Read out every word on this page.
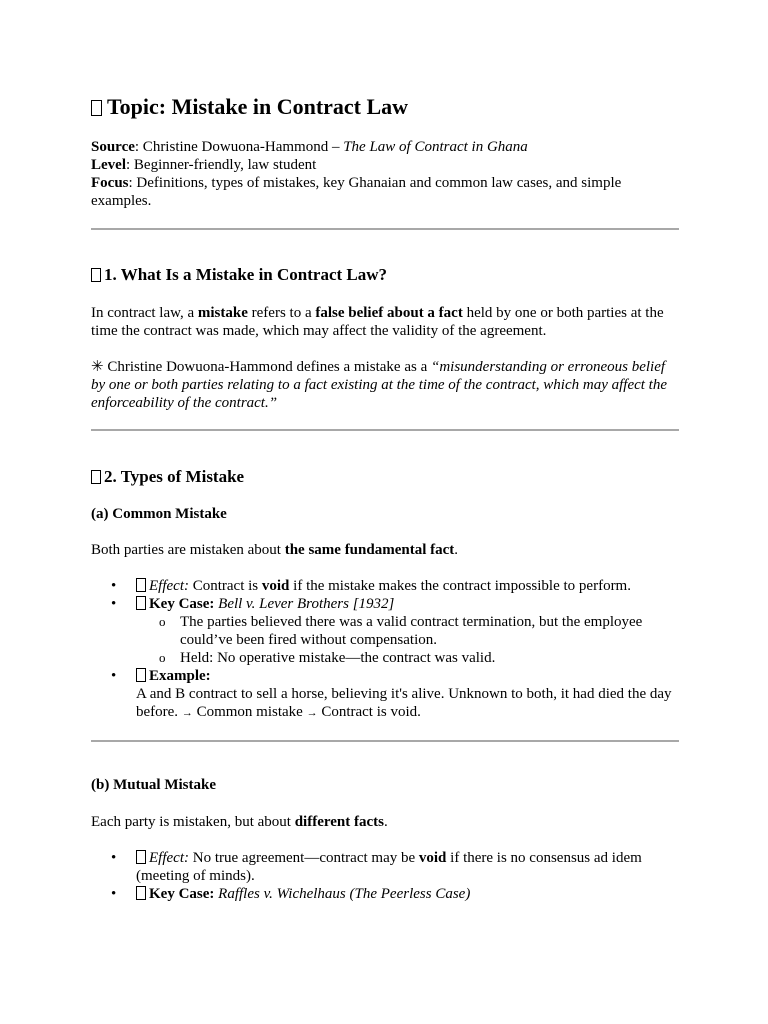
Topic: Mistake in Contract Law
Source: Christine Dowuona-Hammond – The Law of Contract in Ghana
Level: Beginner-friendly, law student
Focus: Definitions, types of mistakes, key Ghanaian and common law cases, and simple examples.
1. What Is a Mistake in Contract Law?

In contract law, a mistake refers to a false belief about a fact held by one or both parties at the time the contract was made, which may affect the validity of the agreement.

✳ Christine Dowuona-Hammond defines a mistake as a “misunderstanding or erroneous belief by one or both parties relating to a fact existing at the time of the contract, which may affect the enforceability of the contract.”

2. Types of Mistake
(a) Common Mistake

Both parties are mistaken about the same fundamental fact.

• Effect: Contract is void if the mistake makes the contract impossible to perform.
• Key Case: Bell v. Lever Brothers [1932]
o The parties believed there was a valid contract termination, but the employee could’ve been fired without compensation.
o Held: No operative mistake—the contract was valid.
• Example:
A and B contract to sell a horse, believing it's alive. Unknown to both, it had died the day before. → Common mistake → Contract is void.
(b) Mutual Mistake

Each party is mistaken, but about different facts.

• Effect: No true agreement—contract may be void if there is no consensus ad idem (meeting of minds).
• Key Case: Raffles v. Wichelhaus (The Peerless Case)
